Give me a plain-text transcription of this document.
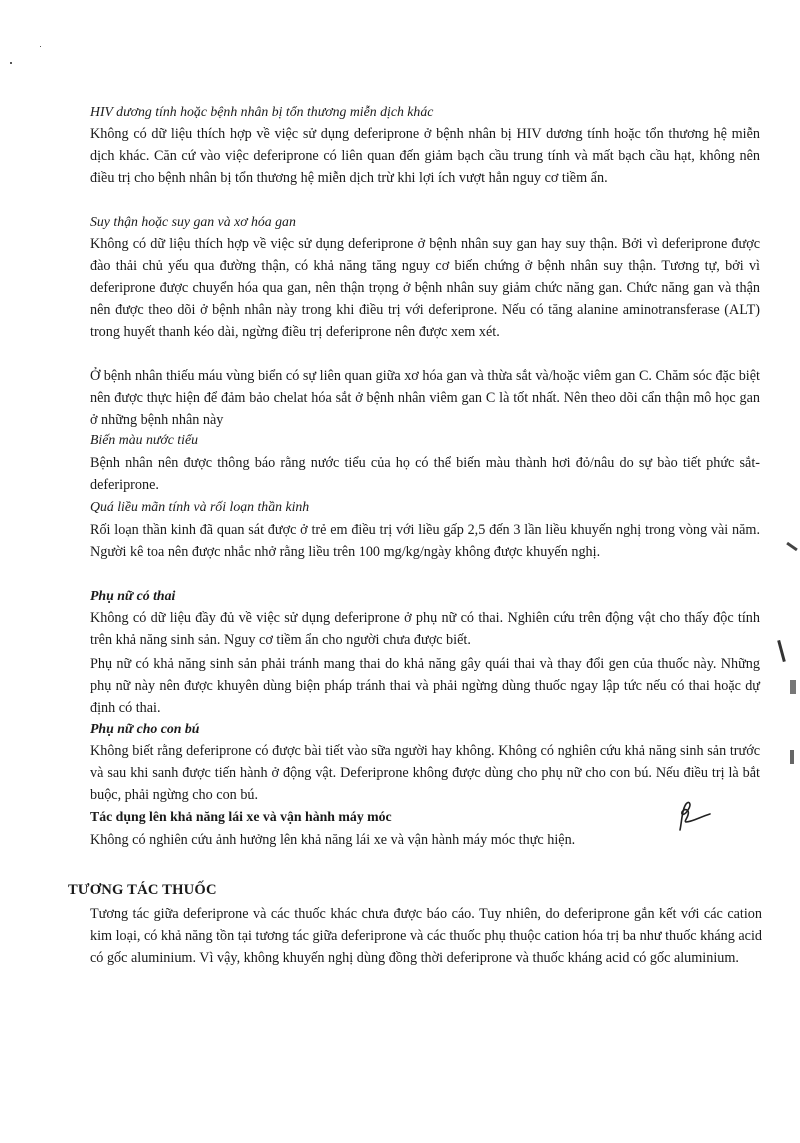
HIV dương tính hoặc bệnh nhân bị tổn thương miễn dịch khác

Không có dữ liệu thích hợp về việc sử dụng deferiprone ở bệnh nhân bị HIV dương tính hoặc tổn thương hệ miễn dịch khác. Căn cứ vào việc deferiprone có liên quan đến giảm bạch cầu trung tính và mất bạch cầu hạt, không nên điều trị cho bệnh nhân bị tổn thương hệ miễn dịch trừ khi lợi ích vượt hẳn nguy cơ tiềm ẩn.

Suy thận hoặc suy gan và xơ hóa gan

Không có dữ liệu thích hợp về việc sử dụng deferiprone ở bệnh nhân suy gan hay suy thận. Bởi vì deferiprone được đào thải chủ yếu qua đường thận, có khả năng tăng nguy cơ biến chứng ở bệnh nhân suy thận. Tương tự, bởi vì deferiprone được chuyển hóa qua gan, nên thận trọng ở bệnh nhân suy giảm chức năng gan. Chức năng gan và thận nên được theo dõi ở bệnh nhân này trong khi điều trị với deferiprone. Nếu có tăng alanine aminotransferase (ALT) trong huyết thanh kéo dài, ngừng điều trị deferiprone nên được xem xét.

Ở bệnh nhân thiếu máu vùng biển có sự liên quan giữa xơ hóa gan và thừa sắt và/hoặc viêm gan C. Chăm sóc đặc biệt nên được thực hiện để đảm bảo chelat hóa sắt ở bệnh nhân viêm gan C là tốt nhất. Nên theo dõi cẩn thận mô học gan ở những bệnh nhân này

Biến màu nước tiểu

Bệnh nhân nên được thông báo rằng nước tiểu của họ có thể biến màu thành hơi đỏ/nâu do sự bào tiết phức sắt-deferiprone.

Quá liều mãn tính và rối loạn thần kinh

Rối loạn thần kinh đã quan sát được ở trẻ em điều trị với liều gấp 2,5 đến 3 lần liều khuyến nghị trong vòng vài năm. Người kê toa nên được nhắc nhở rằng liều trên 100 mg/kg/ngày không được khuyến nghị.

Phụ nữ có thai

Không có dữ liệu đầy đủ về việc sử dụng deferiprone ở phụ nữ có thai. Nghiên cứu trên động vật cho thấy độc tính trên khả năng sinh sản. Nguy cơ tiềm ẩn cho người chưa được biết.

Phụ nữ có khả năng sinh sản phải tránh mang thai do khả năng gây quái thai và thay đổi gen của thuốc này. Những phụ nữ này nên được khuyên dùng biện pháp tránh thai và phải ngừng dùng thuốc ngay lập tức nếu có thai hoặc dự định có thai.

Phụ nữ cho con bú

Không biết rằng deferiprone có được bài tiết vào sữa người hay không. Không có nghiên cứu khả năng sinh sản trước và sau khi sanh được tiến hành ở động vật. Deferiprone không được dùng cho phụ nữ cho con bú. Nếu điều trị là bắt buộc, phải ngừng cho con bú.

Tác dụng lên khả năng lái xe và vận hành máy móc

Không có nghiên cứu ảnh hưởng lên khả năng lái xe và vận hành máy móc thực hiện.

TƯƠNG TÁC THUỐC

Tương tác giữa deferiprone và các thuốc khác chưa được báo cáo. Tuy nhiên, do deferiprone gắn kết với các cation kim loại, có khả năng tồn tại tương tác giữa deferiprone và các thuốc phụ thuộc cation hóa trị ba như thuốc kháng acid có gốc aluminium. Vì vậy, không khuyến nghị dùng đồng thời deferiprone và thuốc kháng acid có gốc aluminium.
